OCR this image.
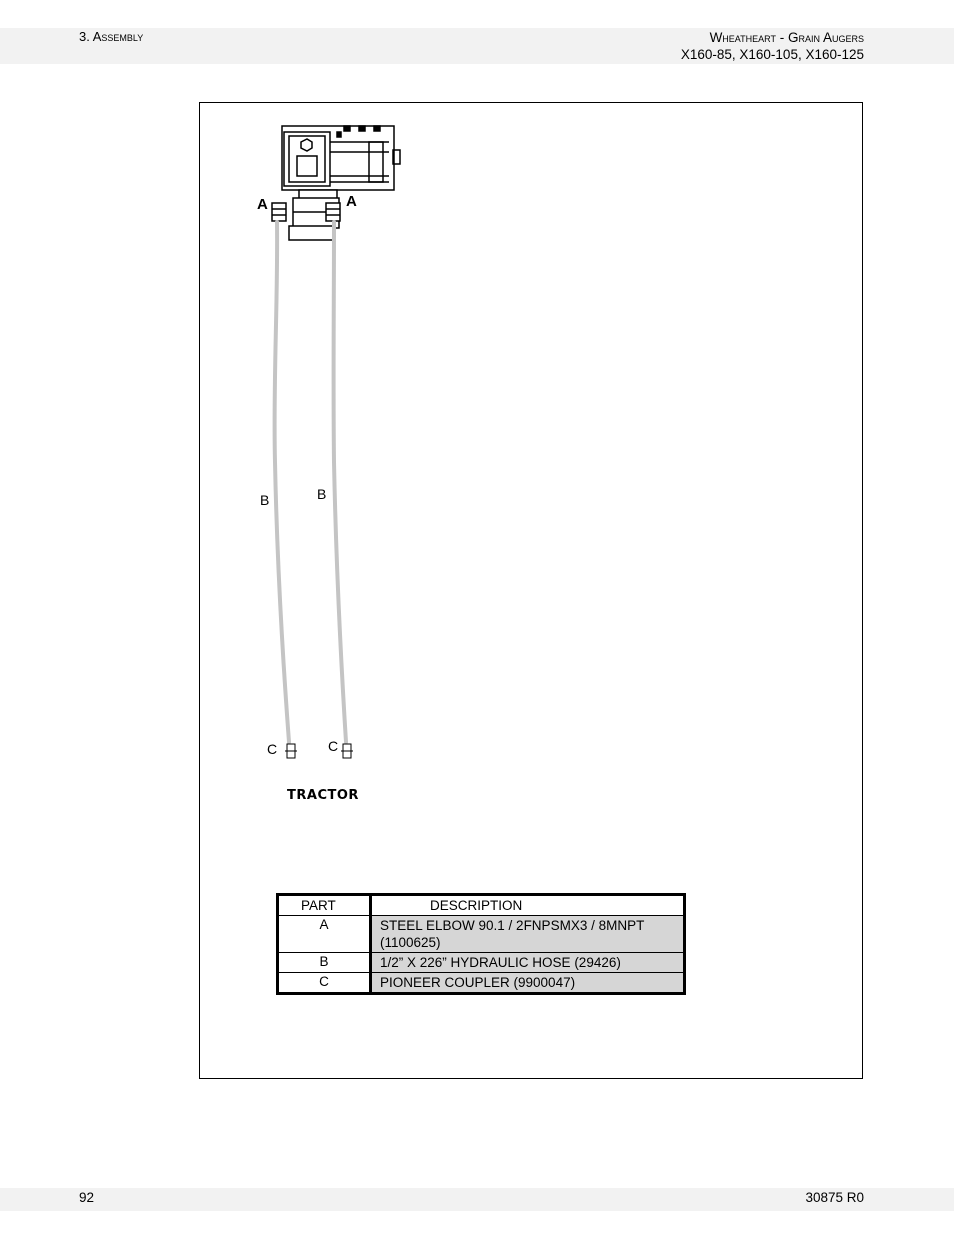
3. Assembly	Wheatheart - Grain Augers
X160-85, X160-105, X160-125
A	A
B	B
C	C
TRACTOR
PART	DESCRIPTION
A	STEEL ELBOW 90.1 / 2FNPSMX3 / 8MNPT (1100625)
B	1/2” X 226” HYDRAULIC HOSE (29426)
C	PIONEER COUPLER (9900047)
92	30875 R0
